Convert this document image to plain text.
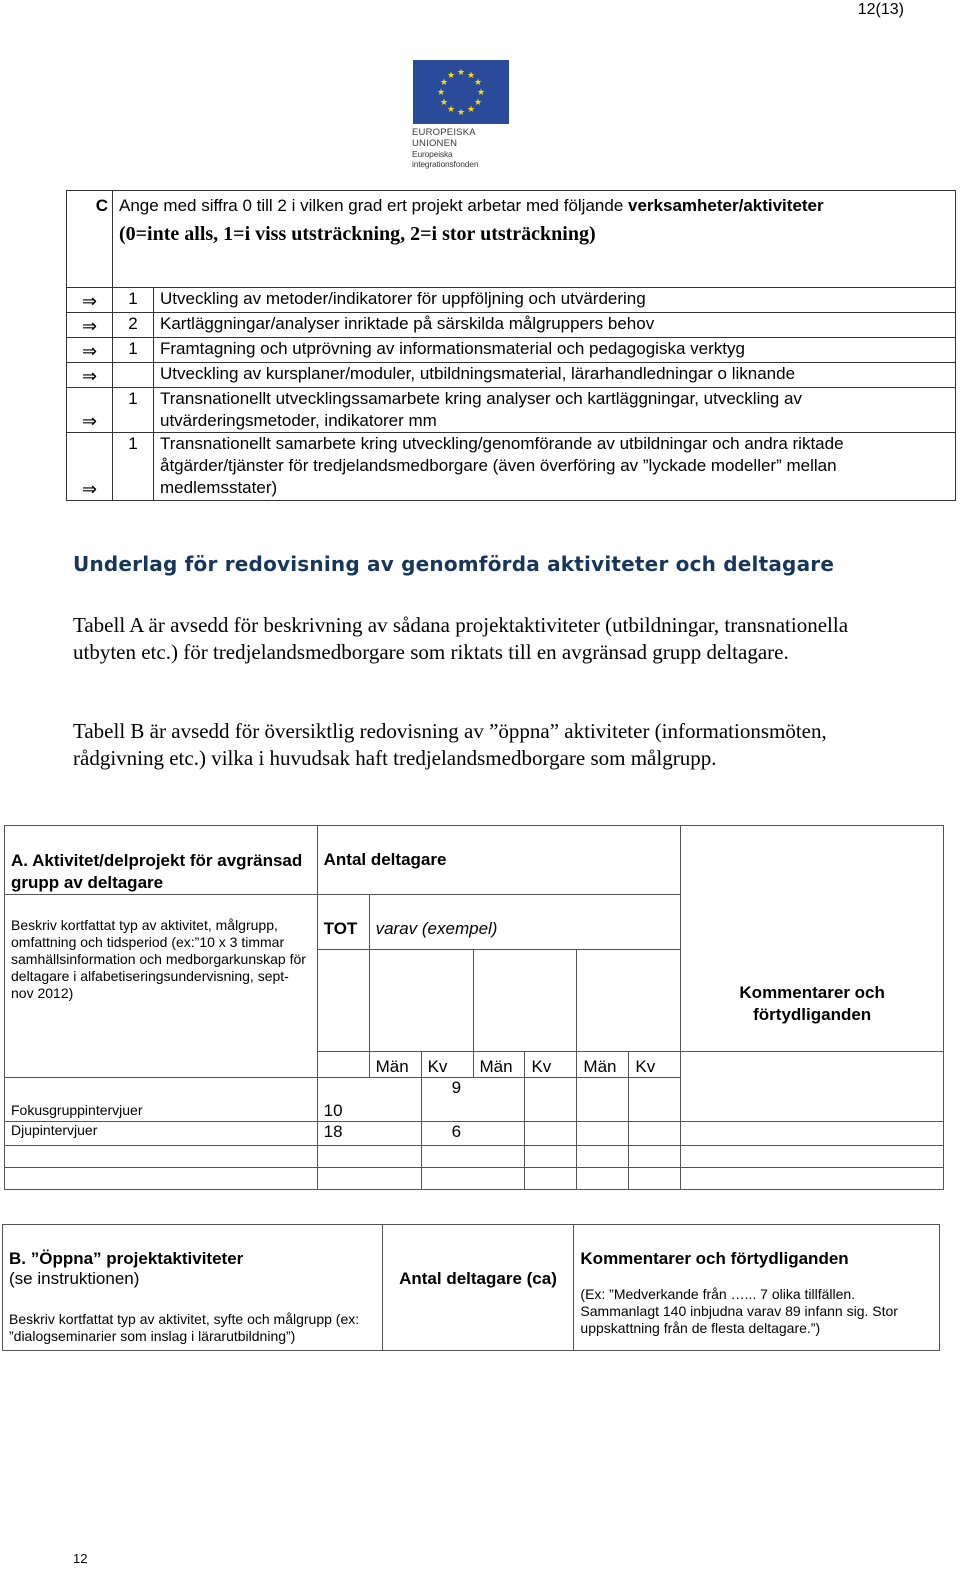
12(13)
★ ★
★
★
★
★
★
★
★
★
★
★
EUROPEISKA UNIONEN
Europeiska integrationsfonden
C	Ange med siffra 0 till 2 i vilken grad ert projekt arbetar med följande verksamheter/aktiviteter
(0=inte alls, 1=i viss utsträckning, 2=i stor utsträckning)	

⇒	1	Utveckling av metoder/indikatorer för uppföljning och utvärdering
⇒	2	Kartläggningar/analyser inriktade på särskilda målgruppers behov
⇒	1	Framtagning och utprövning av informationsmaterial och pedagogiska verktyg
⇒		Utveckling av kursplaner/moduler, utbildningsmaterial, lärarhandledningar o liknande
⇒	1	Transnationellt utvecklingssamarbete kring analyser och kartläggningar, utveckling av utvärderingsmetoder, indikatorer mm
⇒	1	Transnationellt samarbete kring utveckling/genomförande av utbildningar och andra riktade åtgärder/tjänster för tredjelandsmedborgare (även överföring av ”lyckade modeller” mellan medlemsstater)
Underlag för redovisning av genomförda aktiviteter och deltagare
Tabell A är avsedd för beskrivning av sådana projektaktiviteter (utbildningar, transnationella utbyten etc.) för tredjelandsmedborgare som riktats till en avgränsad grupp deltagare.
Tabell B är avsedd för översiktlig redovisning av ”öppna” aktiviteter (informationsmöten, rådgivning etc.) vilka i huvudsak haft tredjelandsmedborgare som målgrupp.
A. Aktivitet/delprojekt för avgränsad grupp av deltagare	Antal deltagare							
Beskriv kortfattat typ av aktivitet, målgrupp, omfattning och tidsperiod (ex:”10 x 3 timmar samhällsinformation och medborgarkunskap för deltagare i alfabetiseringsundervisning, sept-nov 2012)	TOT	varav (exempel)						

		Män	Kv	Män	Kv	Män	Kv	Kommentarer och förtydliganden

Fokusgruppintervjuer	10		9					
Djupintervjuer	18		6					

B. ”Öppna” projektaktiviteter
(se instruktionen)
Beskriv kortfattat typ av aktivitet, syfte och målgrupp (ex: ”dialogseminarier som inslag i lärarutbildning”)
	Antal deltagare (ca)	
Kommentarer och förtydliganden
(Ex: ”Medverkande från …... 7 olika tillfällen. Sammanlagt 140 inbjudna varav 89 infann sig. Stor uppskattning från de flesta deltagare.”)
12
